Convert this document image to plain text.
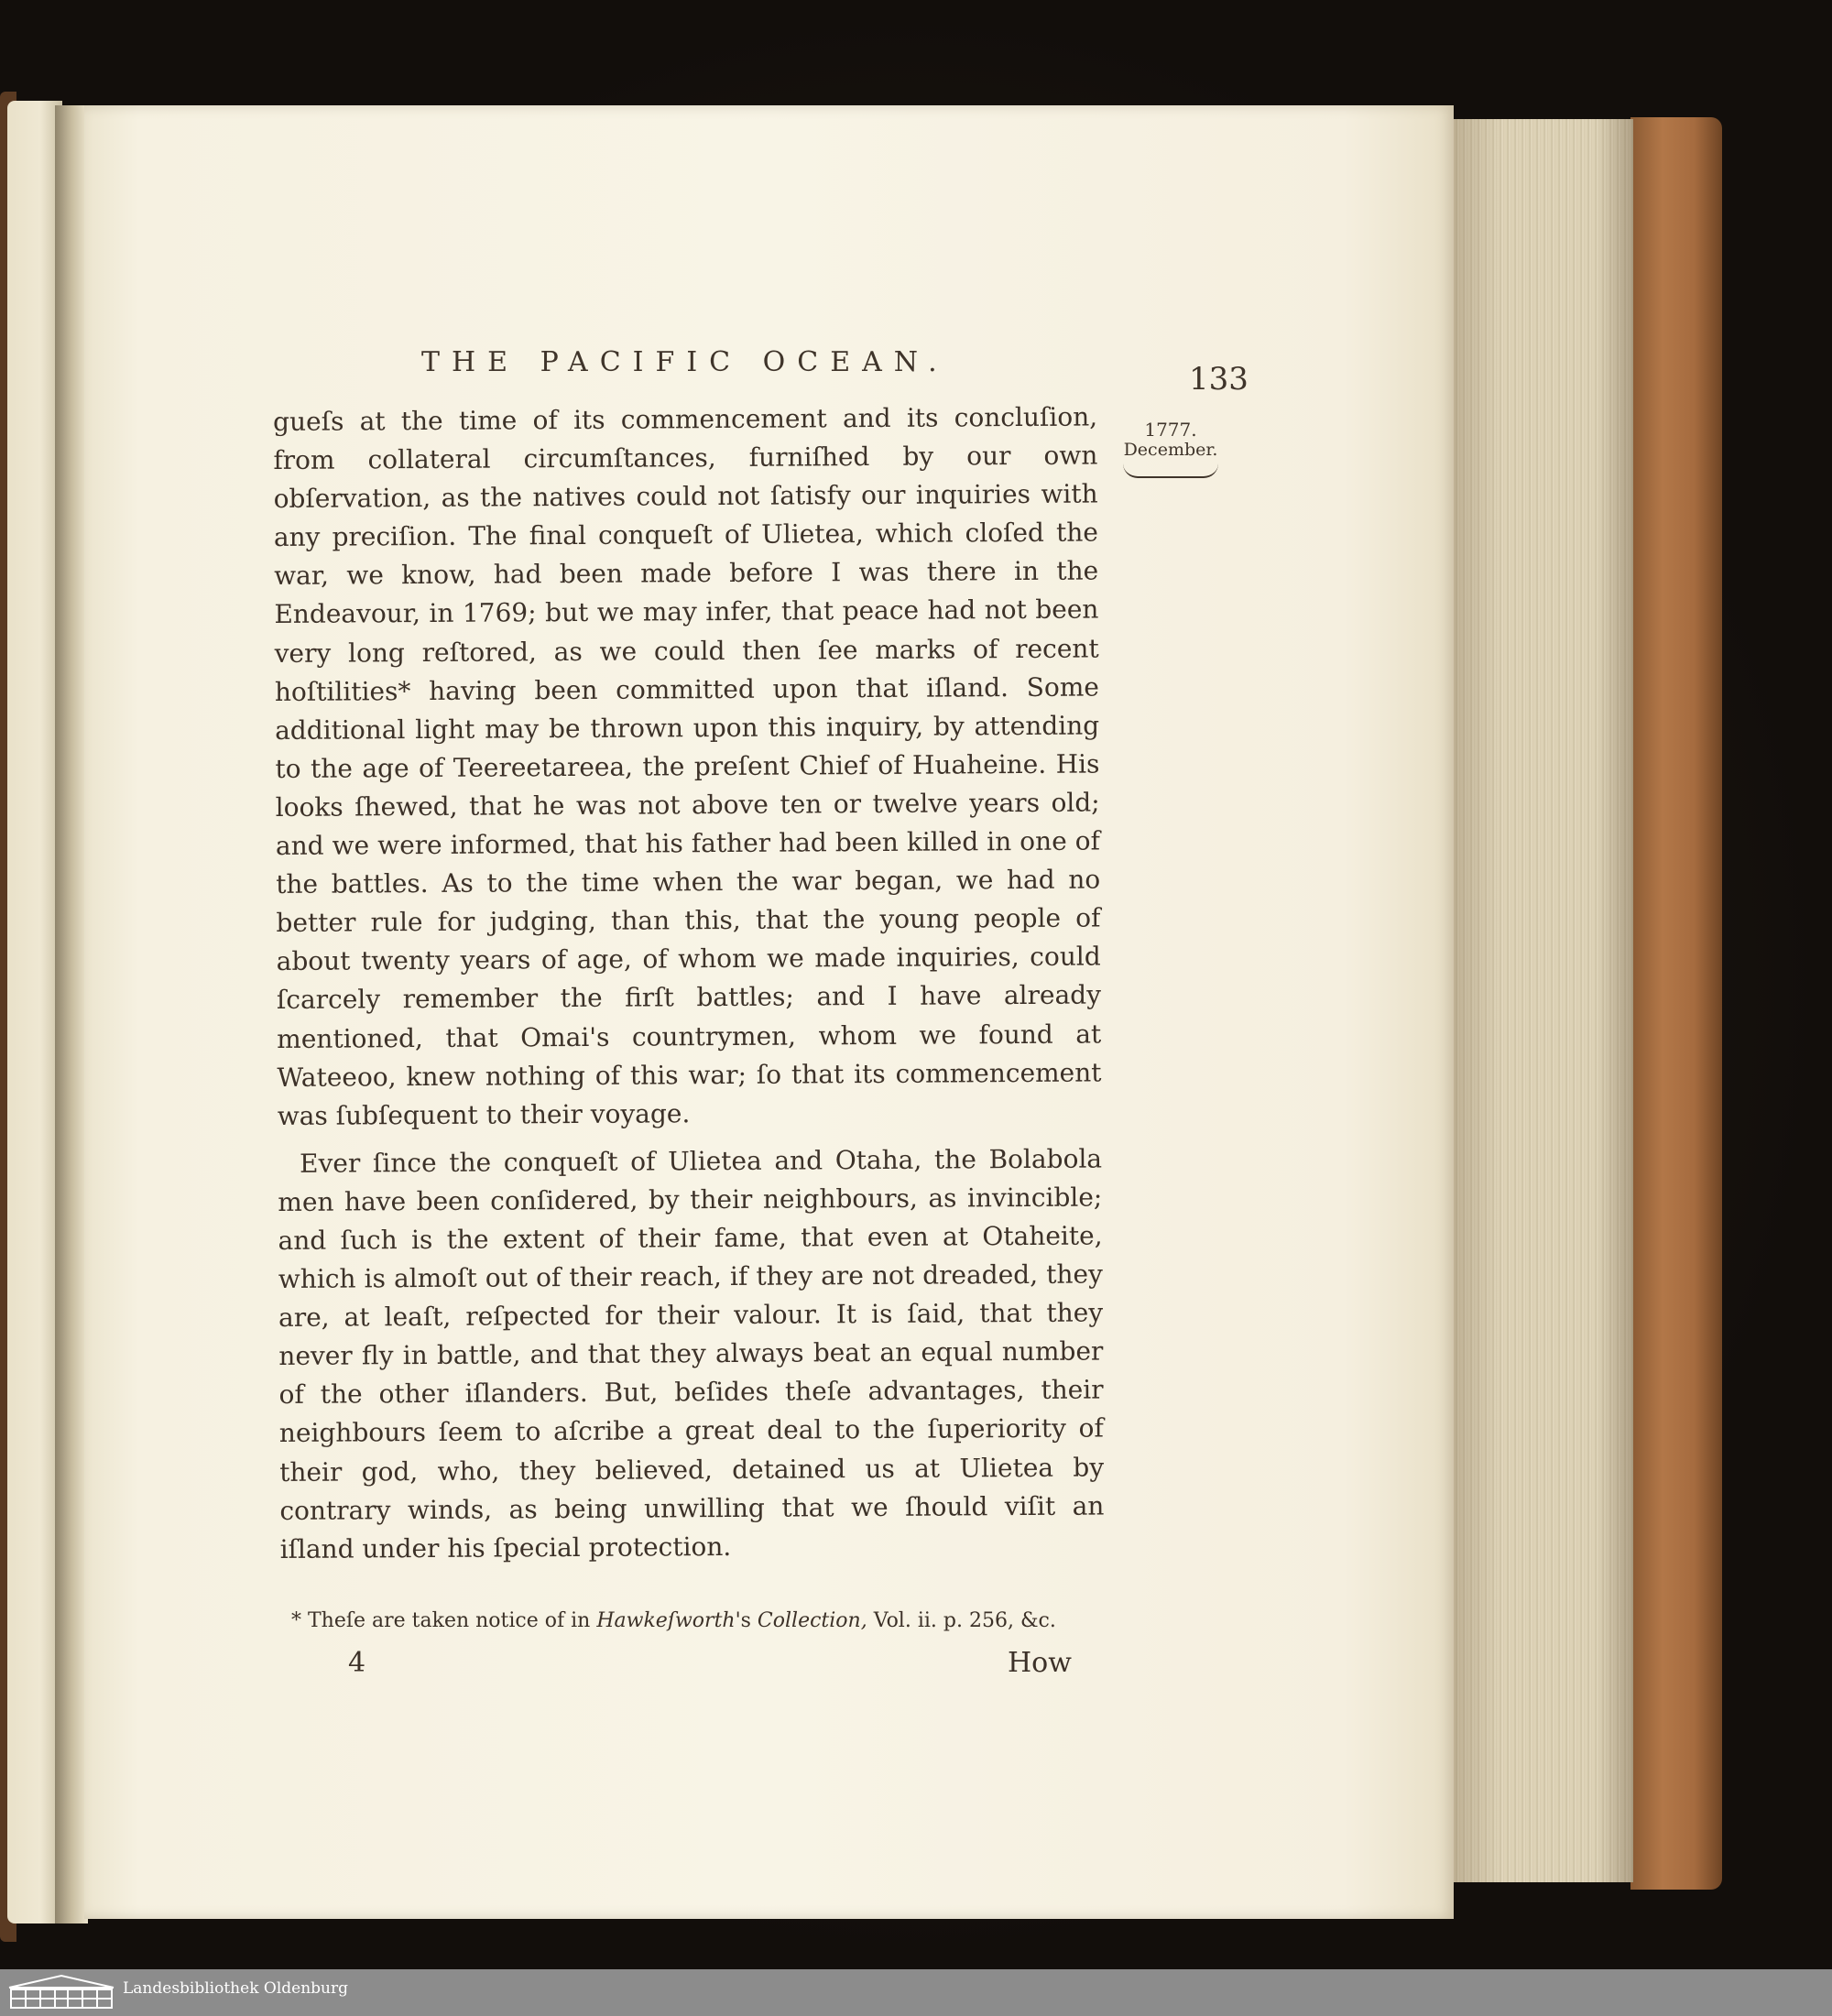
THE PACIFIC OCEAN.	133

1777.
December.

gueſs at the time of its commencement and its concluſion, from collateral circumſtances, furniſhed by our own obſervation, as the natives could not ſatisfy our inquiries with any preciſion. The final conqueſt of Ulietea, which cloſed the war, we know, had been made before I was there in the Endeavour, in 1769; but we may infer, that peace had not been very long reſtored, as we could then ſee marks of recent hoſtilities* having been committed upon that iſland. Some additional light may be thrown upon this inquiry, by attending to the age of Teereetareea, the preſent Chief of Huaheine. His looks ſhewed, that he was not above ten or twelve years old; and we were informed, that his father had been killed in one of the battles. As to the time when the war began, we had no better rule for judging, than this, that the young people of about twenty years of age, of whom we made inquiries, could ſcarcely remember the firſt battles; and I have already mentioned, that Omai's countrymen, whom we found at Wateeoo, knew nothing of this war; ſo that its commencement was ſubſequent to their voyage.

Ever ſince the conqueſt of Ulietea and Otaha, the Bolabola men have been conſidered, by their neighbours, as invincible; and ſuch is the extent of their fame, that even at Otaheite, which is almoſt out of their reach, if they are not dreaded, they are, at leaſt, reſpected for their valour. It is ſaid, that they never fly in battle, and that they always beat an equal number of the other iſlanders. But, beſides theſe advantages, their neighbours ſeem to aſcribe a great deal to the ſuperiority of their god, who, they believed, detained us at Ulietea by contrary winds, as being unwilling that we ſhould viſit an iſland under his ſpecial protection.

* Theſe are taken notice of in Hawkeſworth's Collection, Vol. ii. p. 256, &c.

4	How

Landesbibliothek Oldenburg
